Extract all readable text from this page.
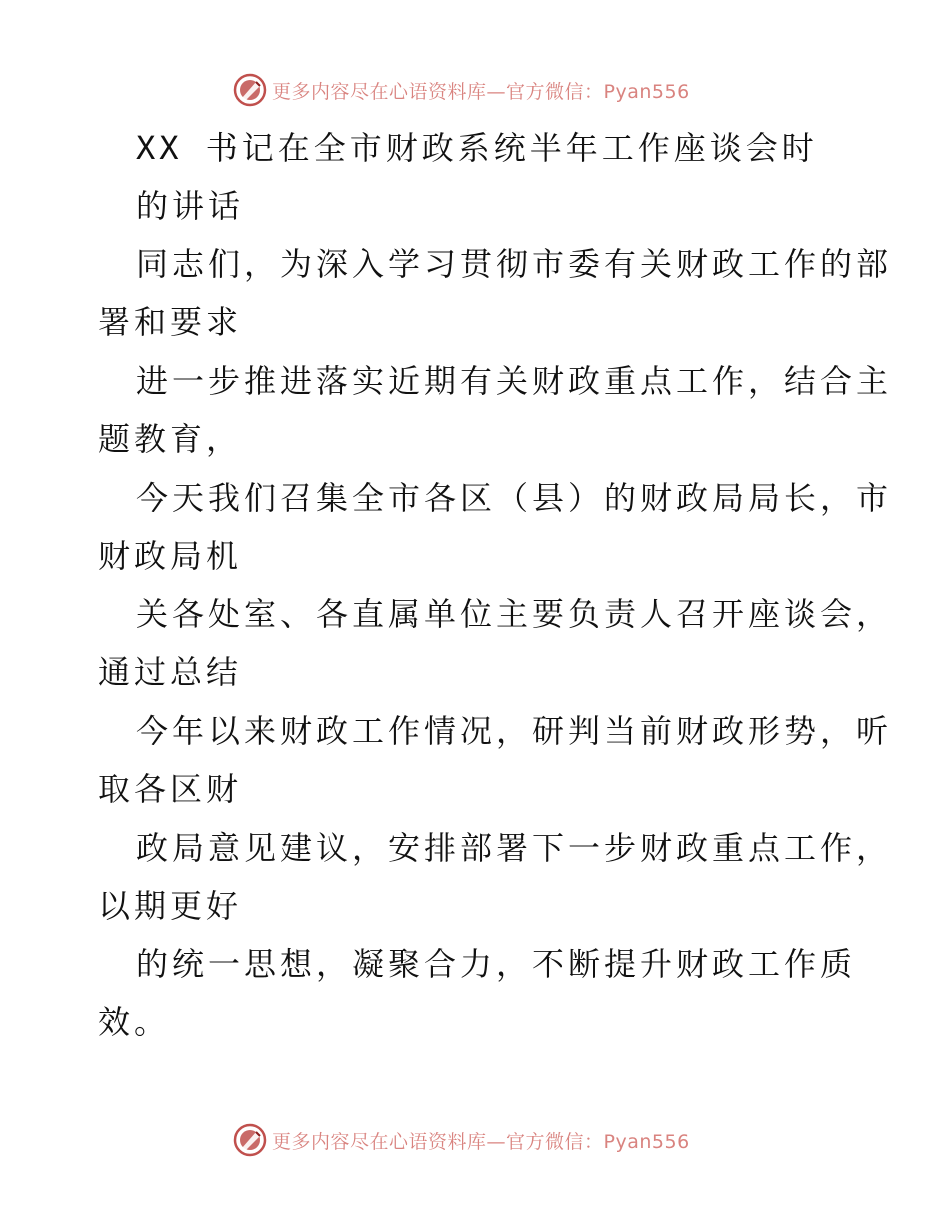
更多内容尽在心语资料库—官方微信：Pyan556
XX 书记在全市财政系统半年工作座谈会时
的讲话
同志们，为深入学习贯彻市委有关财政工作的部
署和要求
进一步推进落实近期有关财政重点工作，结合主
题教育，
今天我们召集全市各区（县）的财政局局长，市
财政局机
关各处室、各直属单位主要负责人召开座谈会，
通过总结
今年以来财政工作情况，研判当前财政形势，听
取各区财
政局意见建议，安排部署下一步财政重点工作，
以期更好
的统一思想，凝聚合力，不断提升财政工作质
效。
更多内容尽在心语资料库—官方微信：Pyan556
